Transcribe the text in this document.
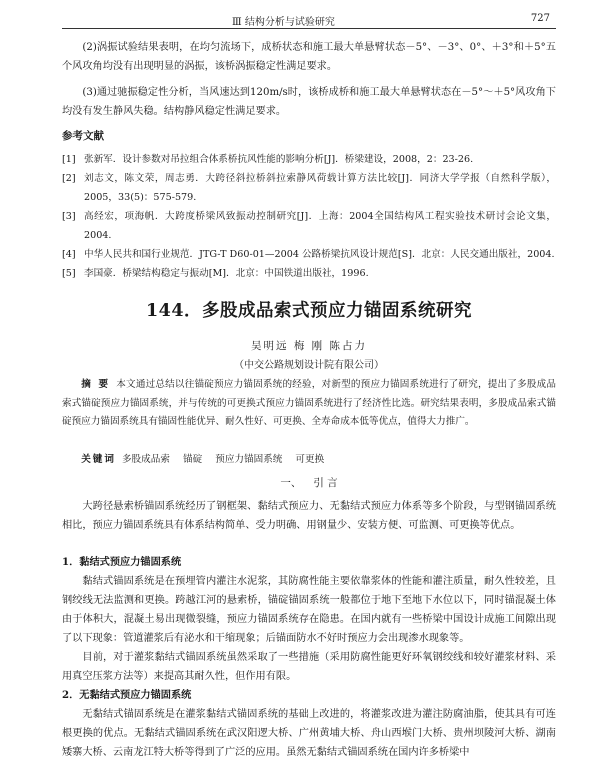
Ⅲ 结构分析与试验研究	727

(2)涡振试验结果表明，在均匀流场下，成桥状态和施工最大单悬臂状态－5°、－3°、0°、＋3°和＋5°五个风攻角均没有出现明显的涡振，该桥涡振稳定性满足要求。

(3)通过驰振稳定性分析，当风速达到120m/s时，该桥成桥和施工最大单悬臂状态在－5°～＋5°风攻角下均没有发生静风失稳。结构静风稳定性满足要求。

参考文献

[1] 张新军．设计参数对吊拉组合体系桥抗风性能的影响分析[J]．桥梁建设，2008，2：23-26.
[2] 刘志文，陈文荣，周志勇．大跨径斜拉桥斜拉索静风荷载计算方法比较[J]．同济大学学报（自然科学版），2005，33(5)：575-579.
[3] 高经宏，项海帆．大跨度桥梁风致振动控制研究[J]．上海：2004全国结构风工程实验技术研讨会论文集，2004.
[4] 中华人民共和国行业规范．JTG-T D60-01—2004 公路桥梁抗风设计规范[S]．北京：人民交通出版社，2004.
[5] 李国豪．桥梁结构稳定与振动[M]．北京：中国铁道出版社，1996.
144．多股成品索式预应力锚固系统研究

吴明远 梅 刚 陈占力

（中交公路规划设计院有限公司）

摘 要 本文通过总结以往锚碇预应力锚固系统的经验，对新型的预应力锚固系统进行了研究，提出了多股成品索式锚碇预应力锚固系统，并与传统的可更换式预应力锚固系统进行了经济性比选。研究结果表明，多股成品索式锚碇预应力锚固系统具有锚固性能优异、耐久性好、可更换、全寿命成本低等优点，值得大力推广。

关键词 多股成品索 锚碇 预应力锚固系统 可更换

一、 引 言

大跨径悬索桥锚固系统经历了钢框架、黏结式预应力、无黏结式预应力体系等多个阶段，与型钢锚固系统相比，预应力锚固系统具有体系结构简单、受力明确、用钢量少、安装方便、可监测、可更换等优点。

1．黏结式预应力锚固系统

黏结式锚固系统是在预埋管内灌注水泥浆，其防腐性能主要依靠浆体的性能和灌注质量，耐久性较差，且钢绞线无法监测和更换。跨越江河的悬索桥，锚碇锚固系统一般都位于地下至地下水位以下，同时锚混凝土体由于体积大，混凝土易出现微裂缝，预应力锚固系统存在隐患。在国内就有一些桥梁中国设计成施工间隙出现了以下现象：管道灌浆后有泌水和干缩现象；后锚面防水不好时预应力会出现渗水现象等。

目前，对于灌浆黏结式锚固系统虽然采取了一些措施（采用防腐性能更好环氧钢绞线和较好灌浆材料、采用真空压浆方法等）来提高其耐久性，但作用有限。

2．无黏结式预应力锚固系统

无黏结式锚固系统是在灌浆黏结式锚固系统的基础上改进的，将灌浆改进为灌注防腐油脂，使其具有可连根更换的优点。无黏结式锚固系统在武汉阳逻大桥、广州黄埔大桥、舟山西堠门大桥、贵州坝陵河大桥、湖南矮寨大桥、云南龙江特大桥等得到了广泛的应用。虽然无黏结式锚固系统在国内许多桥梁中
